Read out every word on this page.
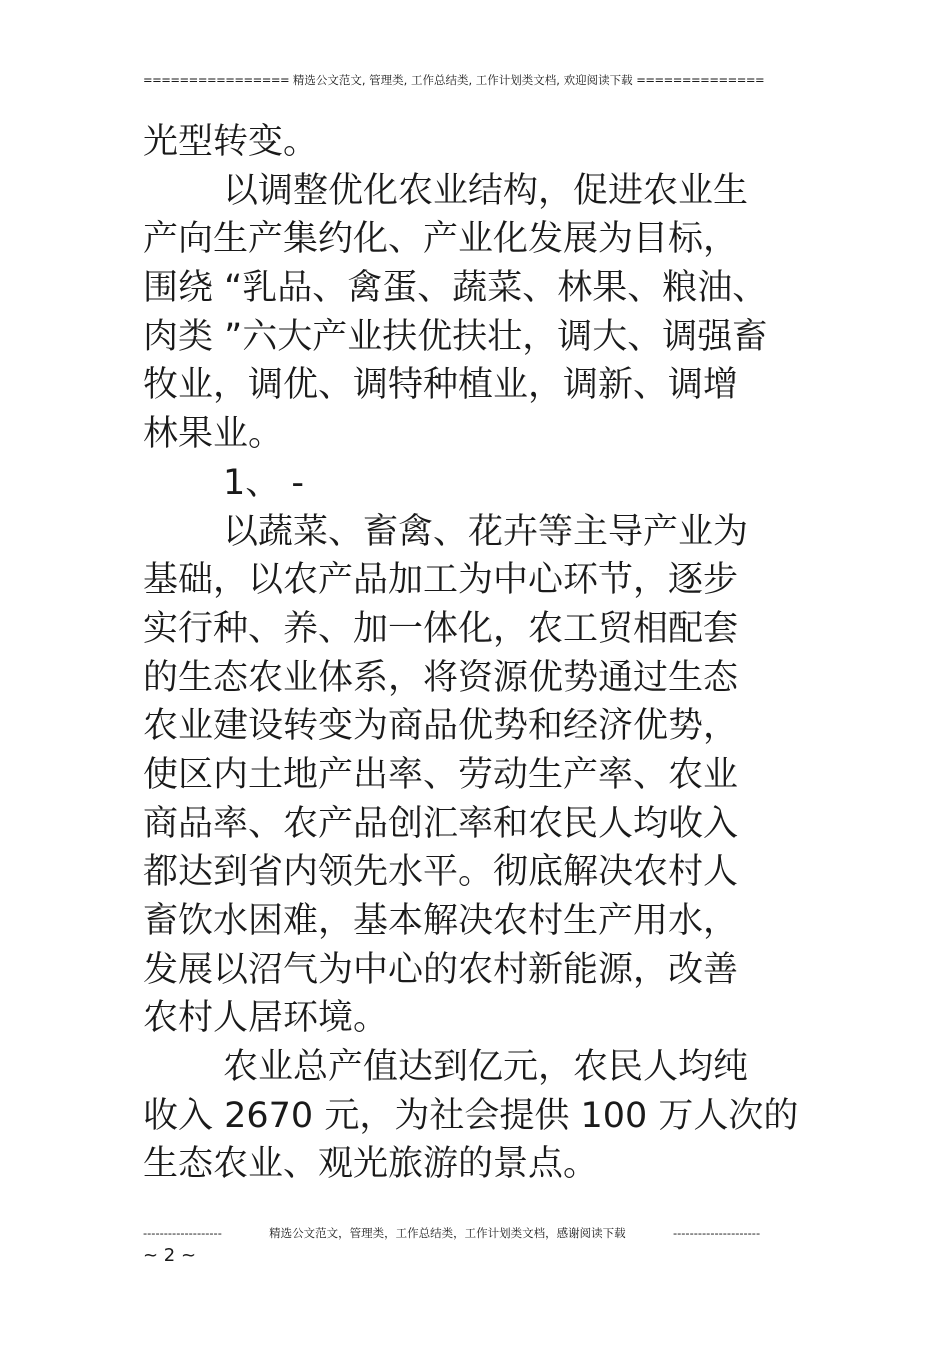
================ 精选公文范文, 管理类, 工作总结类, 工作计划类文档, 欢迎阅读下载 ==============
光型转变。
以调整优化农业结构，促进农业生
产向生产集约化、产业化发展为目标，
围绕 “乳品、禽蛋、蔬菜、林果、粮油、
肉类 ”六大产业扶优扶壮，调大、调强畜
牧业，调优、调特种植业，调新、调增
林果业。
1、 -
以蔬菜、畜禽、花卉等主导产业为
基础，以农产品加工为中心环节，逐步
实行种、养、加一体化，农工贸相配套
的生态农业体系，将资源优势通过生态
农业建设转变为商品优势和经济优势，
使区内土地产出率、劳动生产率、农业
商品率、农产品创汇率和农民人均收入
都达到省内领先水平。彻底解决农村人
畜饮水困难，基本解决农村生产用水，
发展以沼气为中心的农村新能源，改善
农村人居环境。
农业总产值达到亿元，农民人均纯
收入 2670 元，为社会提供 100 万人次的
生态农业、观光旅游的景点。
-------------------	精选公文范文，管理类，工作总结类，工作计划类文档，感谢阅读下载	---------------------
~ 2 ~
